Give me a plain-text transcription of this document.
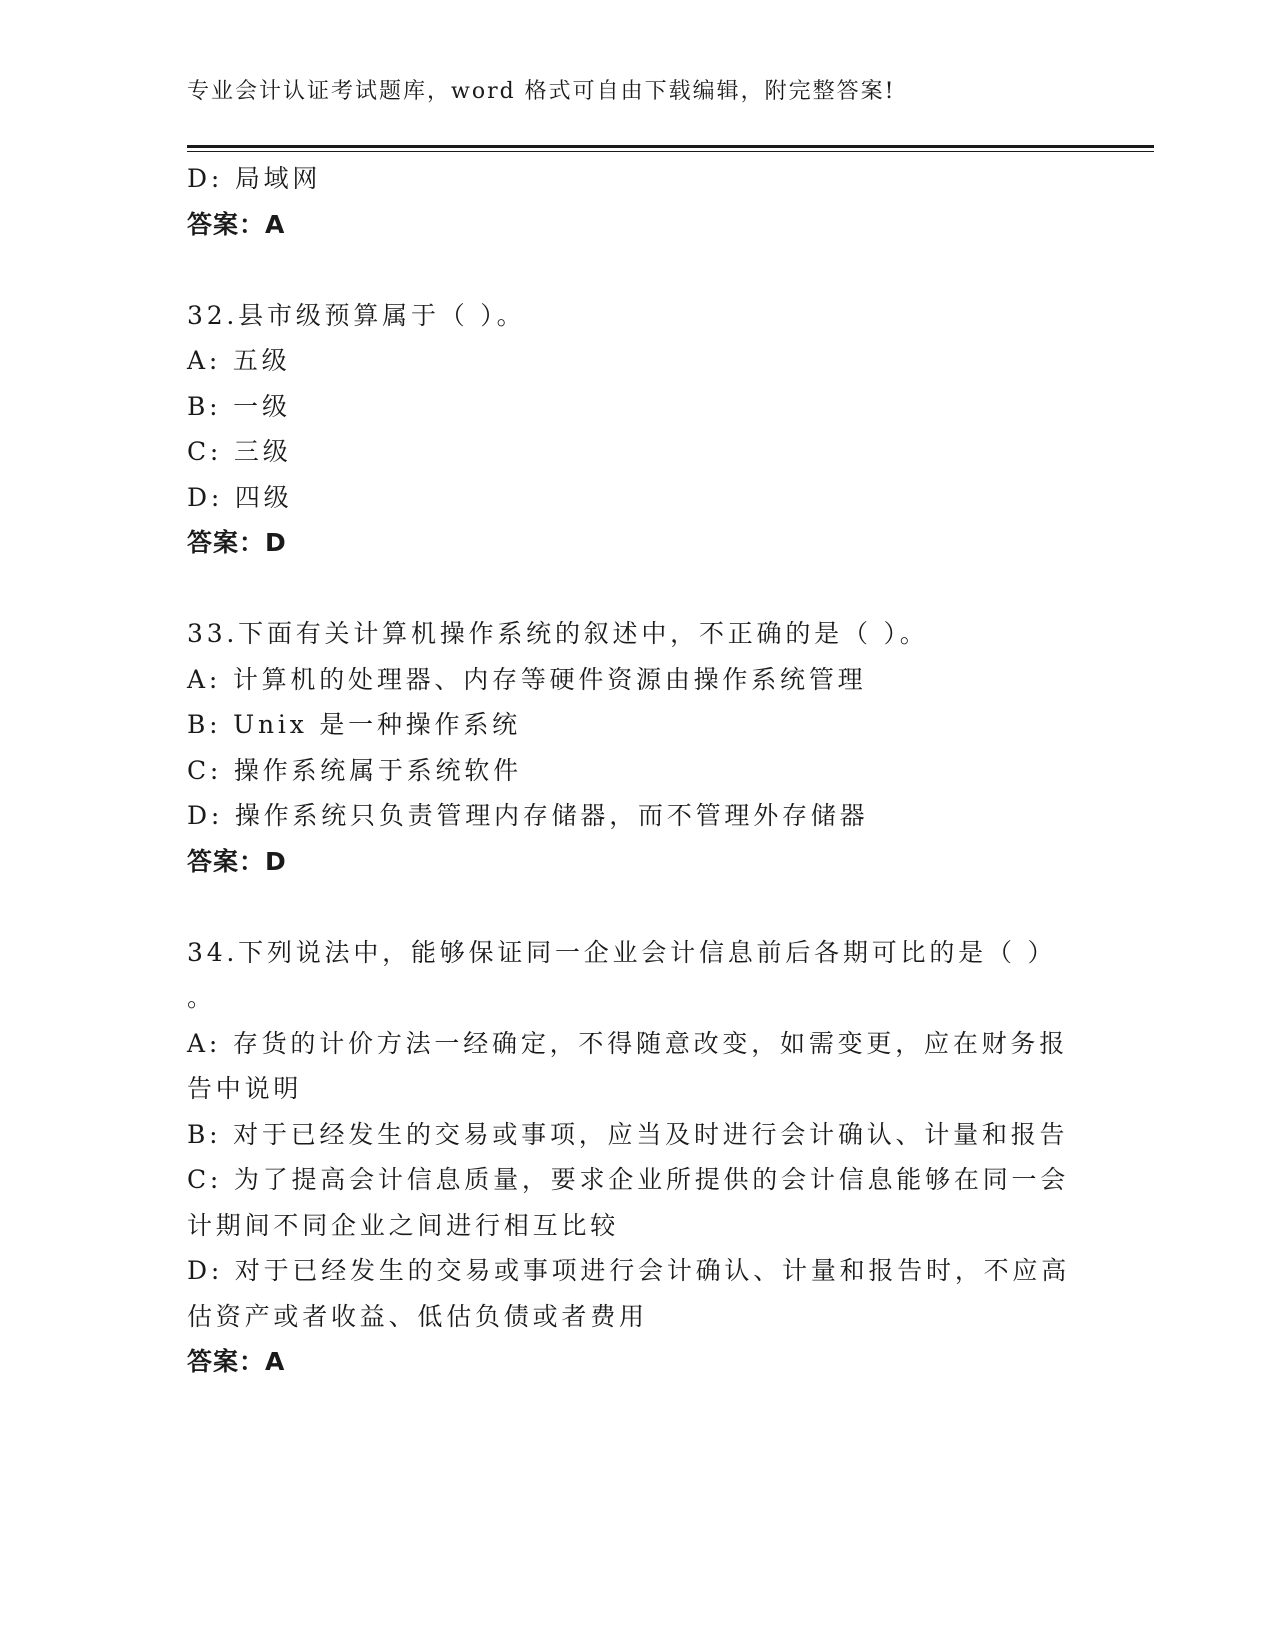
专业会计认证考试题库，word 格式可自由下载编辑，附完整答案!
D: 局域网
答案：A
32.县市级预算属于（ ）。
A: 五级
B: 一级
C: 三级
D: 四级
答案：D
33.下面有关计算机操作系统的叙述中，不正确的是（ ）。
A: 计算机的处理器、内存等硬件资源由操作系统管理
B: Unix 是一种操作系统
C: 操作系统属于系统软件
D: 操作系统只负责管理内存储器，而不管理外存储器
答案：D
34.下列说法中，能够保证同一企业会计信息前后各期可比的是（ ）
。
A: 存货的计价方法一经确定，不得随意改变，如需变更，应在财务报
告中说明
B: 对于已经发生的交易或事项，应当及时进行会计确认、计量和报告
C: 为了提高会计信息质量，要求企业所提供的会计信息能够在同一会
计期间不同企业之间进行相互比较
D: 对于已经发生的交易或事项进行会计确认、计量和报告时，不应高
估资产或者收益、低估负债或者费用
答案：A
